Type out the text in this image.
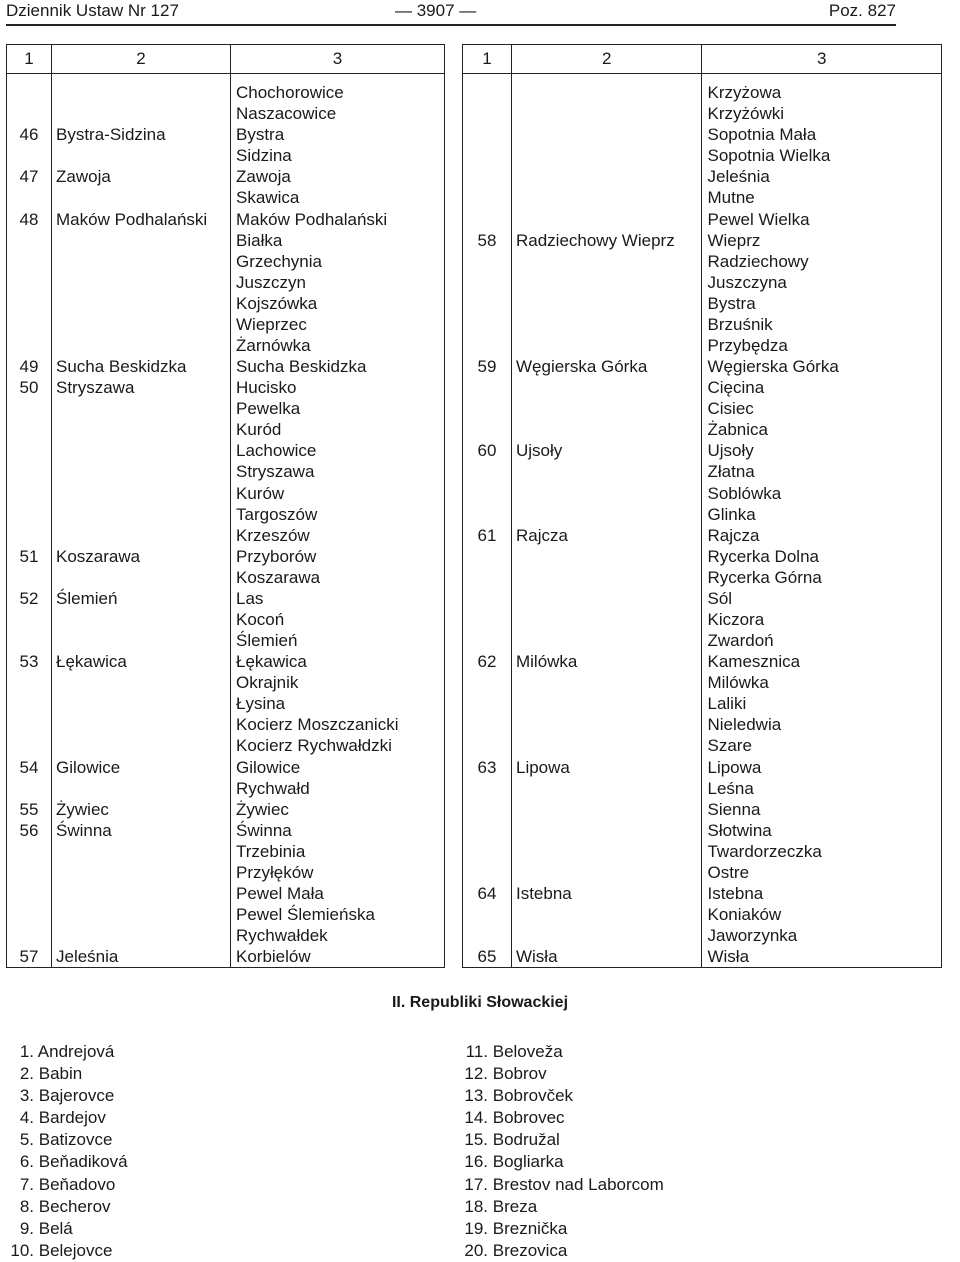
Dziennik Ustaw Nr 127	— 3907 —	Poz. 827
1	2	3
		Chochorowice
		Naszacowice
46	Bystra-Sidzina	Bystra
		Sidzina
47	Zawoja	Zawoja
		Skawica
48	Maków Podhalański	Maków Podhalański
		Białka
		Grzechynia
		Juszczyn
		Kojszówka
		Wieprzec
		Żarnówka
49	Sucha Beskidzka	Sucha Beskidzka
50	Stryszawa	Hucisko
		Pewelka
		Kuród
		Lachowice
		Stryszawa
		Kurów
		Targoszów
		Krzeszów
51	Koszarawa	Przyborów
		Koszarawa
52	Ślemień	Las
		Kocoń
		Ślemień
53	Łękawica	Łękawica
		Okrajnik
		Łysina
		Kocierz Moszczanicki
		Kocierz Rychwałdzki
54	Gilowice	Gilowice
		Rychwałd
55	Żywiec	Żywiec
56	Świnna	Świnna
		Trzebinia
		Przyłęków
		Pewel Mała
		Pewel Ślemieńska
		Rychwałdek
57	Jeleśnia	Korbielów
1	2	3
		Krzyżowa
		Krzyżówki
		Sopotnia Mała
		Sopotnia Wielka
		Jeleśnia
		Mutne
		Pewel Wielka
58	Radziechowy Wieprz	Wieprz
		Radziechowy
		Juszczyna
		Bystra
		Brzuśnik
		Przybędza
59	Węgierska Górka	Węgierska Górka
		Cięcina
		Cisiec
		Żabnica
60	Ujsoły	Ujsoły
		Złatna
		Soblówka
		Glinka
61	Rajcza	Rajcza
		Rycerka Dolna
		Rycerka Górna
		Sól
		Kiczora
		Zwardoń
62	Milówka	Kamesznica
		Milówka
		Laliki
		Nieledwia
		Szare
63	Lipowa	Lipowa
		Leśna
		Sienna
		Słotwina
		Twardorzeczka
		Ostre
64	Istebna	Istebna
		Koniaków
		Jaworzynka
65	Wisła	Wisła
II. Republiki Słowackiej
1. Andrejová
2. Babin
3. Bajerovce
4. Bardejov
5. Batizovce
6. Beňadiková
7. Beňadovo
8. Becherov
9. Belá
10. Belejovce
11. Beloveža
12. Bobrov
13. Bobrovček
14. Bobrovec
15. Bodružal
16. Bogliarka
17. Brestov nad Laborcom
18. Breza
19. Breznička
20. Brezovica
